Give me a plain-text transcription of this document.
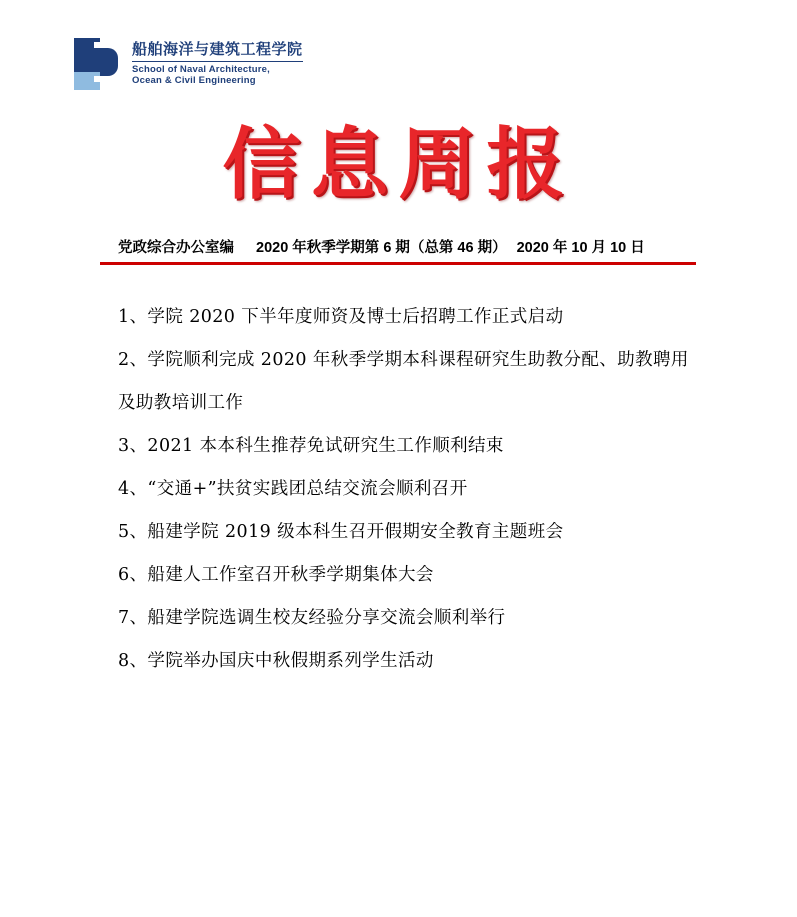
船舶海洋与建筑工程学院
School of Naval Architecture,
Ocean & Civil Engineering
信息周报
党政综合办公室编 2020 年秋季学期第 6 期（总第 46 期） 2020 年 10 月 10 日
1、学院 2020 下半年度师资及博士后招聘工作正式启动
2、学院顺利完成 2020 年秋季学期本科课程研究生助教分配、助教聘用及助教培训工作
3、2021 本本科生推荐免试研究生工作顺利结束
4、“交通+”扶贫实践团总结交流会顺利召开
5、船建学院 2019 级本科生召开假期安全教育主题班会
6、船建人工作室召开秋季学期集体大会
7、船建学院选调生校友经验分享交流会顺利举行
8、学院举办国庆中秋假期系列学生活动
